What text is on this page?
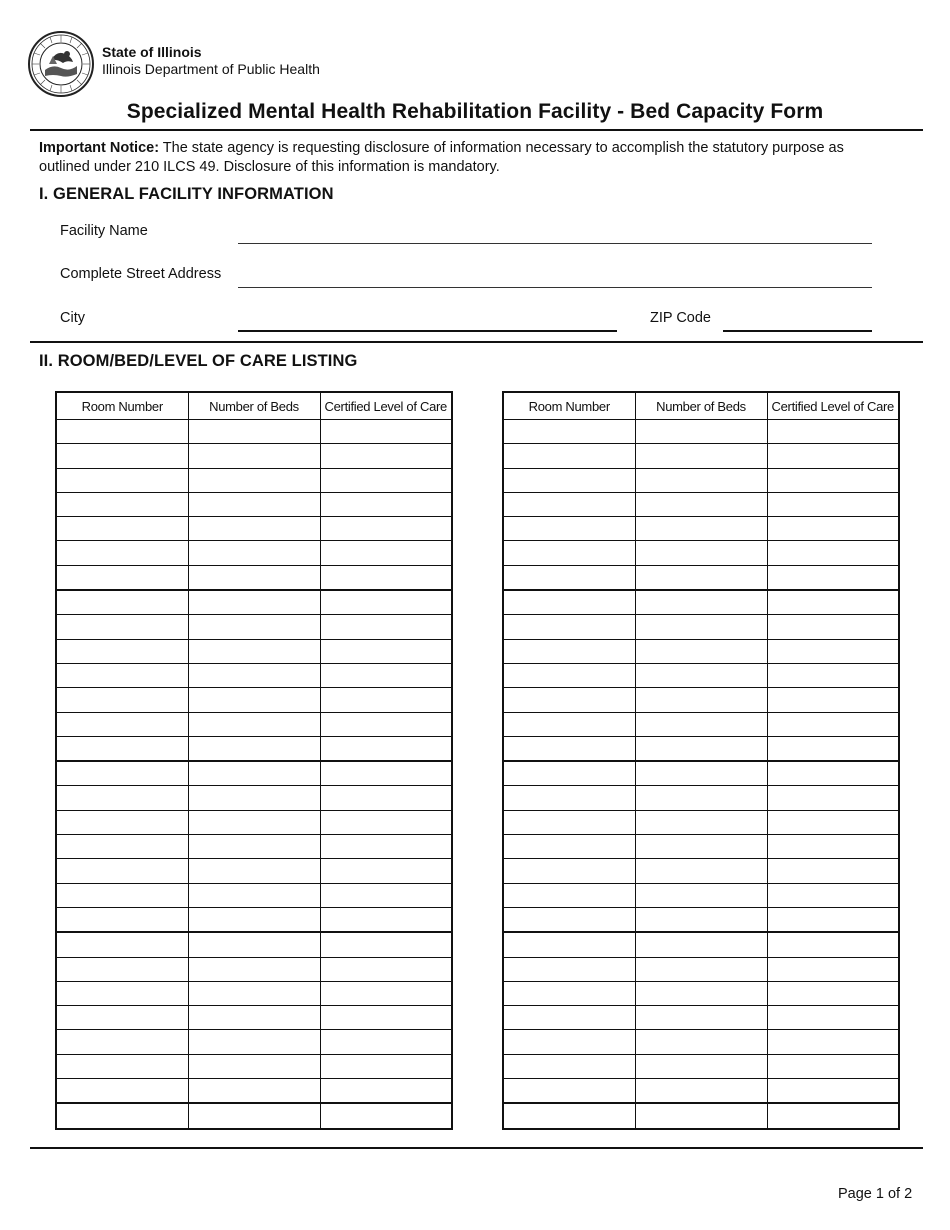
State of Illinois
Illinois Department of Public Health
Specialized Mental Health Rehabilitation Facility - Bed Capacity Form
Important Notice: The state agency is requesting disclosure of information necessary to accomplish the statutory purpose as outlined under 210 ILCS 49. Disclosure of this information is mandatory.
I. GENERAL FACILITY INFORMATION
Facility Name
Complete Street Address
City	ZIP Code
II. ROOM/BED/LEVEL OF CARE LISTING
Room Number	Number of Beds	Certified Level of Care

			Room Number	Number of Beds	Certified Level of Care

Page 1 of 2
